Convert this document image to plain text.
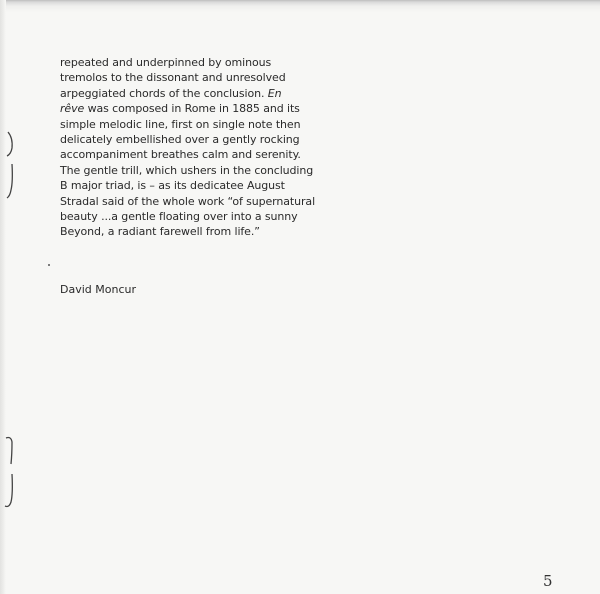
repeated and underpinned by ominous
tremolos to the dissonant and unresolved
arpeggiated chords of the conclusion. En
rêve was composed in Rome in 1885 and its
simple melodic line, first on single note then
delicately embellished over a gently rocking
accompaniment breathes calm and serenity.
The gentle trill, which ushers in the concluding
B major triad, is – as its dedicatee August
Stradal said of the whole work “of supernatural
beauty ...a gentle floating over into a sunny
Beyond, a radiant farewell from life.”
David Moncur
5
